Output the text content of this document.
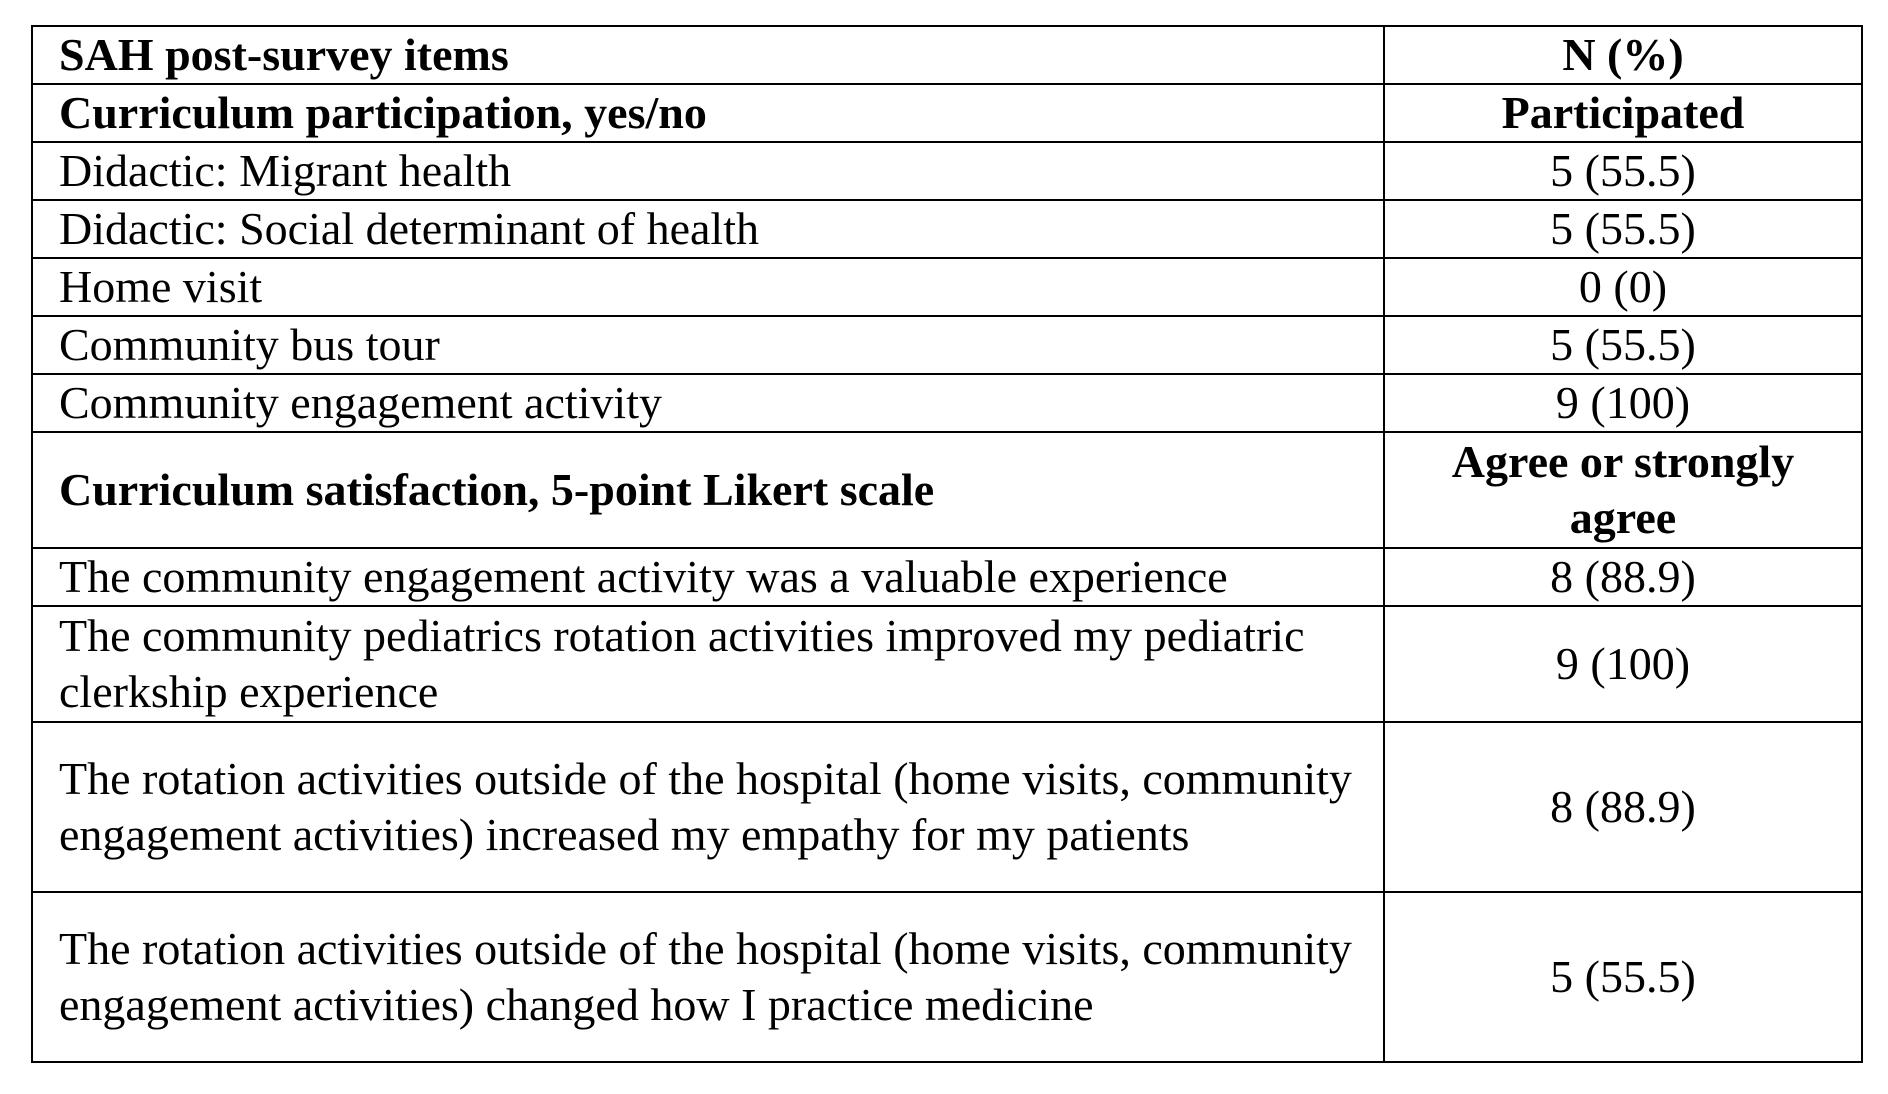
SAH post-survey items	N (%)
Curriculum participation, yes/no	Participated
Didactic: Migrant health	5 (55.5)
Didactic: Social determinant of health	5 (55.5)
Home visit	0 (0)
Community bus tour	5 (55.5)
Community engagement activity	9 (100)
Curriculum satisfaction, 5-point Likert scale	Agree or strongly agree
The community engagement activity was a valuable experience	8 (88.9)
The community pediatrics rotation activities improved my pediatric clerkship experience	9 (100)
The rotation activities outside of the hospital (home visits, community engagement activities) increased my empathy for my patients	8 (88.9)
The rotation activities outside of the hospital (home visits, community engagement activities) changed how I practice medicine	5 (55.5)
